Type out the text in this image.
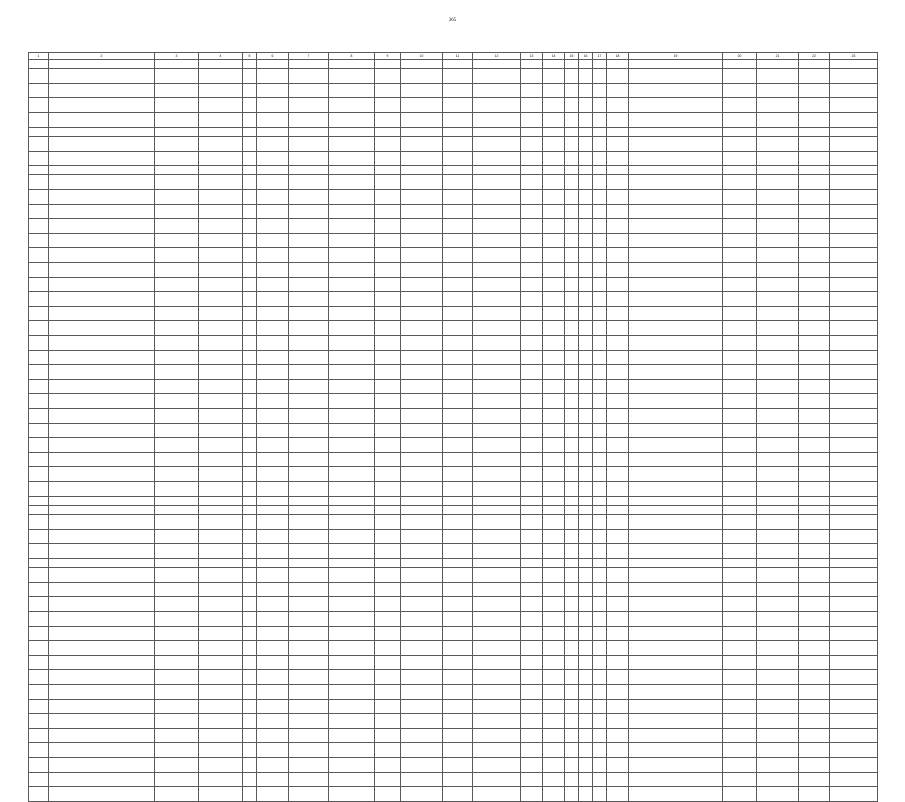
365
1	2	3	4	5	6	7	8	9	10	11	12	13	14	15	16	17	18	19	20	21	22	23
